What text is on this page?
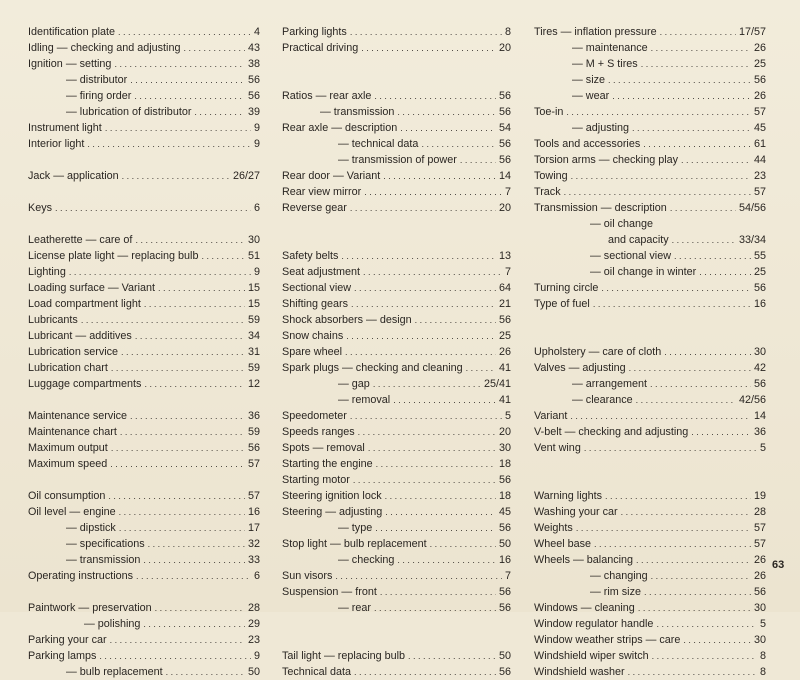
Identification plate . . .	4
Idling — checking and adjusting . . .	43
Ignition — setting . . .	38
— distributor . . .	56
— firing order . . .	56
— lubrication of distributor . . .	39
Instrument light . . .	9
Interior light . . .	9
Jack — application . . .	26/27
Keys . . .	6
Leatherette — care of . . .	30
License plate light — replacing bulb . . .	51
Lighting . . .	9
Loading surface — Variant . . .	15
Load compartment light . . .	15
Lubricants . . .	59
Lubricant — additives . . .	34
Lubrication service . . .	31
Lubrication chart . . .	59
Luggage compartments . . .	12
Maintenance service . . .	36
Maintenance chart . . .	59
Maximum output . . .	56
Maximum speed . . .	57
Oil consumption . . .	57
Oil level — engine . . .	16
— dipstick . . .	17
— specifications . . .	32
— transmission . . .	33
Operating instructions . . .	6
Paintwork — preservation . . .	28
— polishing . . .	29
Parking your car . . .	23
Parking lamps . . .	9
— bulb replacement . . .	50
Parking lights . . .	8
Practical driving . . .	20
Ratios — rear axle . . .	56
— transmission . . .	56
Rear axle — description . . .	54
— technical data . . .	56
— transmission of power . . .	56
Rear door — Variant . . .	14
Rear view mirror . . .	7
Reverse gear . . .	20
Safety belts . . .	13
Seat adjustment . . .	7
Sectional view . . .	64
Shifting gears . . .	21
Shock absorbers — design . . .	56
Snow chains . . .	25
Spare wheel . . .	26
Spark plugs — checking and cleaning . . .	41
— gap . . .	25/41
— removal . . .	41
Speedometer . . .	5
Speeds ranges . . .	20
Spots — removal . . .	30
Starting the engine . . .	18
Starting motor . . .	56
Steering ignition lock . . .	18
Steering — adjusting . . .	45
— type . . .	56
Stop light — bulb replacement . . .	50
— checking . . .	16
Sun visors . . .	7
Suspension — front . . .	56
— rear . . .	56
Tail light — replacing bulb . . .	50
Technical data . . .	56
Tires — inflation pressure . . .	17/57
— maintenance . . .	26
— M + S tires . . .	25
— size . . .	56
— wear . . .	26
Toe-in . . .	57
— adjusting . . .	45
Tools and accessories . . .	61
Torsion arms — checking play . . .	44
Towing . . .	23
Track . . .	57
Transmission — description . . .	54/56
— oil change
and capacity . . .	33/34
— sectional view . . .	55
— oil change in winter . . .	25
Turning circle . . .	56
Type of fuel . . .	16
Upholstery — care of cloth . . .	30
Valves — adjusting . . .	42
— arrangement . . .	56
— clearance . . .	42/56
Variant . . .	14
V-belt — checking and adjusting . . .	36
Vent wing . . .	5
Warning lights . . .	19
Washing your car . . .	28
Weights . . .	57
Wheel base . . .	57
Wheels — balancing . . .	26
— changing . . .	26
— rim size . . .	56
Windows — cleaning . . .	30
Window regulator handle . . .	5
Window weather strips — care . . .	30
Windshield wiper switch . . .	8
Windshield washer . . .	8
63
